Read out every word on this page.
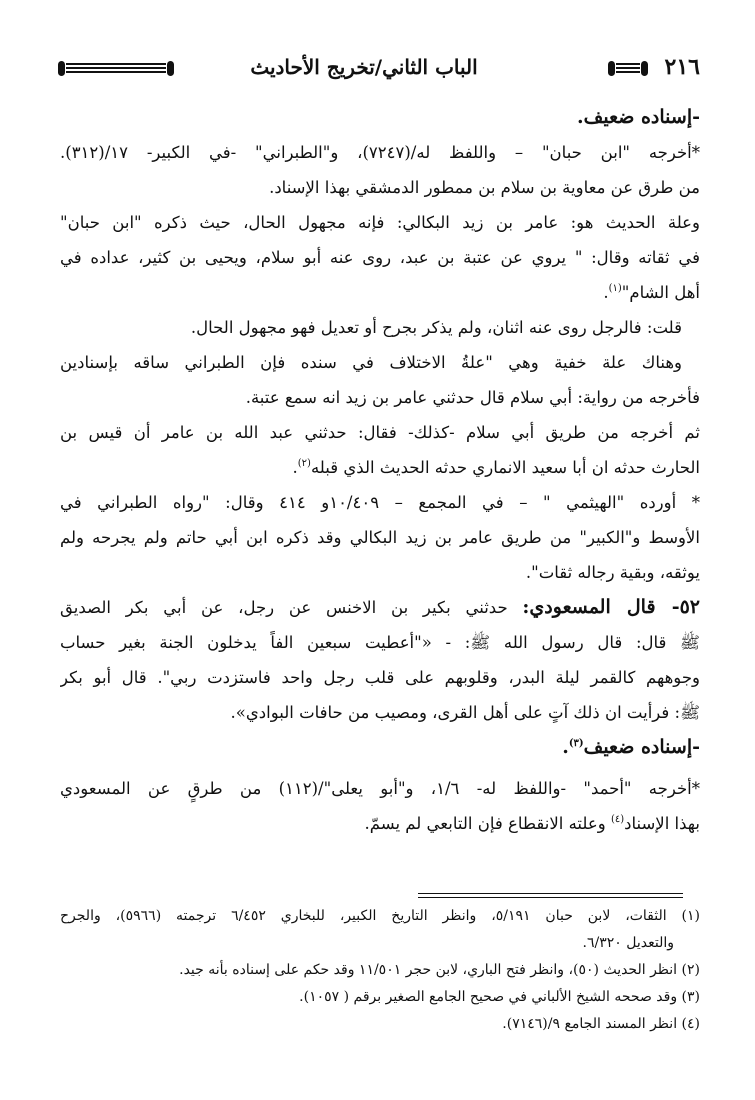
٢١٦
الباب الثاني/تخريج الأحاديث
-إسناده ضعيف.
*أخرجه "ابن حبان" – واللفظ له/(٧٢٤٧)، و"الطبراني" -في الكبير- ١٧/(٣١٢).
من طرق عن معاوية بن سلام بن ممطور الدمشقي بهذا الإسناد.
وعلة الحديث هو: عامر بن زيد البكالي: فإنه مجهول الحال، حيث ذكره "ابن حبان"
في ثقاته وقال: " يروي عن عتبة بن عبد، روى عنه أبو سلام، ويحيى بن كثير، عداده في
أهل الشام"$^{(١)}$.
قلت: فالرجل روى عنه اثنان، ولم يذكر بجرح أو تعديل فهو مجهول الحال.
وهناك علة خفية وهي "علةُ الاختلاف في سنده فإن الطبراني ساقه بإسنادين
فأخرجه من رواية: أبي سلام قال حدثني عامر بن زيد انه سمع عتبة.
ثم أخرجه من طريق أبي سلام -كذلك- فقال: حدثني عبد الله بن عامر أن قيس بن
الحارث حدثه ان أبا سعيد الانماري حدثه الحديث الذي قبله$^{(٢)}$.
* أورده "الهيثمي " – في المجمع – ١٠/٤٠٩و ٤١٤ وقال: "رواه الطبراني في
الأوسط و"الكبير" من طريق عامر بن زيد البكالي وقد ذكره ابن أبي حاتم ولم يجرحه ولم
يوثقه، وبقية رجاله ثقات".
٥٢- قال المسعودي: حدثني بكير بن الاخنس عن رجل، عن أبي بكر الصديق
ﷺ قال: قال رسول الله ﷺ: - «"أعطيت سبعين الفاً يدخلون الجنة بغير حساب
وجوههم كالقمر ليلة البدر، وقلوبهم على قلب رجل واحد فاستزدت ربي". قال أبو بكر
ﷺ: فرأيت ان ذلك آتٍ على أهل القرى، ومصيب من حافات البوادي».
-إسناده ضعيف$^{(٣)}$.
*أخرجه "أحمد" -واللفظ له- ١/٦، و"أبو يعلى"/(١١٢) من طرقٍ عن المسعودي
بهذا الإسناد$^{(٤)}$ وعلته الانقطاع فإن التابعي لم يسمّ.
(١) الثقات، لابن حبان ٥/١٩١، وانظر التاريخ الكبير، للبخاري ٦/٤٥٢ ترجمته (٥٩٦٦)، والجرح
والتعديل ٦/٣٢٠.
(٢) انظر الحديث (٥٠)، وانظر فتح الباري، لابن حجر ١١/٥٠١ وقد حكم على إسناده بأنه جيد.
(٣) وقد صححه الشيخ الألباني في صحيح الجامع الصغير برقم ( ١٠٥٧).
(٤) انظر المسند الجامع ٩/(٧١٤٦).
